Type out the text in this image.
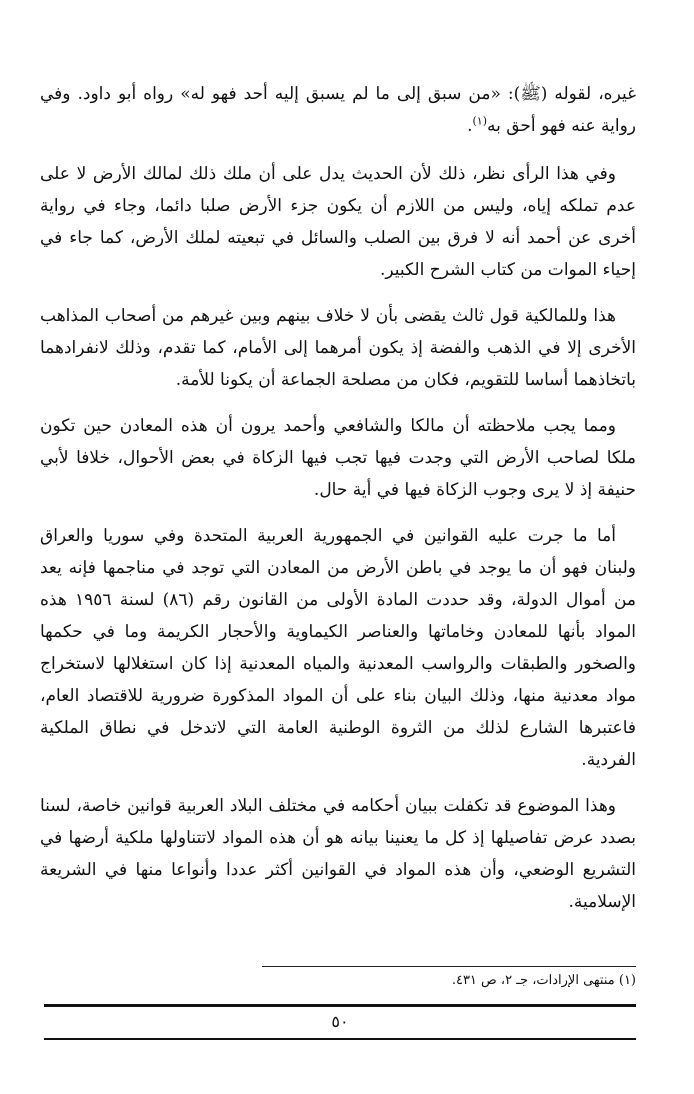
غيره، لقوله (ﷺ): «من سبق إلى ما لم يسبق إليه أحد فهو له» رواه أبو داود. وفي رواية عنه فهو أحق به$^{(١)}$.

وفي هذا الرأى نظر، ذلك لأن الحديث يدل على أن ملك ذلك لمالك الأرض لا على عدم تملكه إياه، وليس من اللازم أن يكون جزء الأرض صلبا دائما، وجاء في رواية أخرى عن أحمد أنه لا فرق بين الصلب والسائل في تبعيته لملك الأرض، كما جاء في إحياء الموات من كتاب الشرح الكبير.

هذا وللمالكية قول ثالث يقضى بأن لا خلاف بينهم وبين غيرهم من أصحاب المذاهب الأخرى إلا في الذهب والفضة إذ يكون أمرهما إلى الأمام، كما تقدم، وذلك لانفرادهما باتخاذهما أساسا للتقويم، فكان من مصلحة الجماعة أن يكونا للأمة.

ومما يجب ملاحظته أن مالكا والشافعي وأحمد يرون أن هذه المعادن حين تكون ملكا لصاحب الأرض التي وجدت فيها تجب فيها الزكاة في بعض الأحوال، خلافا لأبي حنيفة إذ لا يرى وجوب الزكاة فيها في أية حال.

أما ما جرت عليه القوانين في الجمهورية العربية المتحدة وفي سوريا والعراق ولبنان فهو أن ما يوجد في باطن الأرض من المعادن التي توجد في مناجمها فإنه يعد من أموال الدولة، وقد حددت المادة الأولى من القانون رقم (٨٦) لسنة ١٩٥٦ هذه المواد بأنها للمعادن وخاماتها والعناصر الكيماوية والأحجار الكريمة وما في حكمها والصخور والطبقات والرواسب المعدنية والمياه المعدنية إذا كان استغلالها لاستخراج مواد معدنية منها، وذلك البيان بناء على أن المواد المذكورة ضرورية للاقتصاد العام، فاعتبرها الشارع لذلك من الثروة الوطنية العامة التي لاتدخل في نطاق الملكية الفردية.

وهذا الموضوع قد تكفلت ببيان أحكامه في مختلف البلاد العربية قوانين خاصة، لسنا بصدد عرض تفاصيلها إذ كل ما يعنينا بيانه هو أن هذه المواد لاتتناولها ملكية أرضها في التشريع الوضعي، وأن هذه المواد في القوانين أكثر عددا وأنواعا منها في الشريعة الإسلامية.

(١) منتهى الإرادات، جـ ٢، ص ٤٣١.
٥٠
